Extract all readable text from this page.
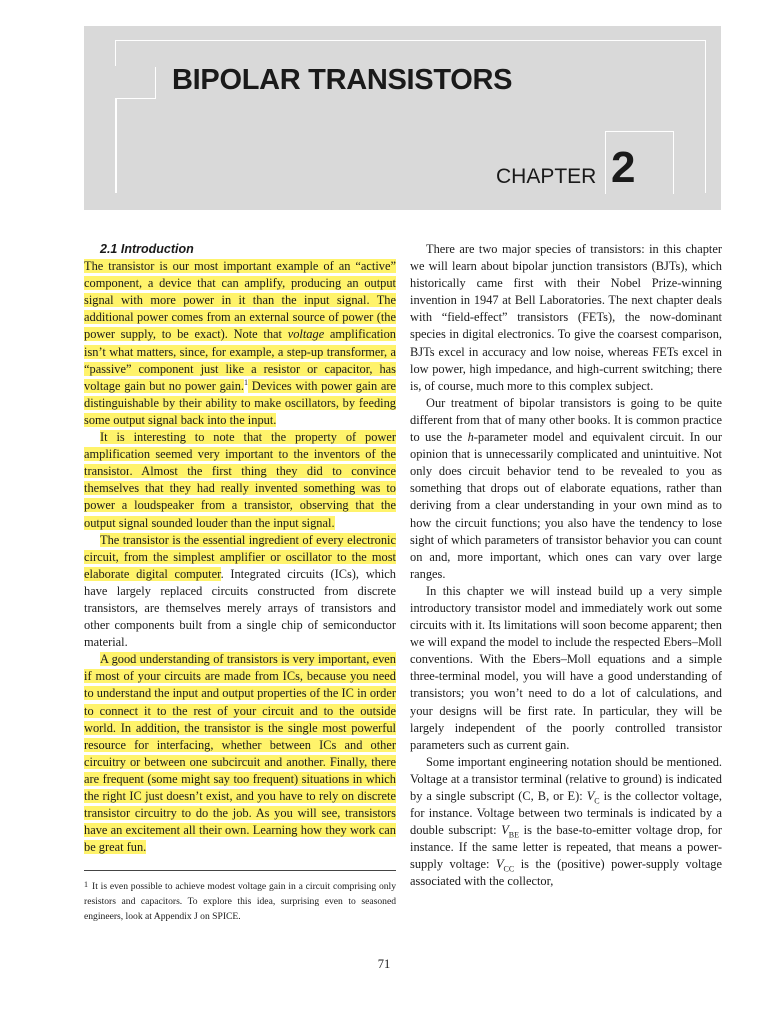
BIPOLAR TRANSISTORS
CHAPTER 2

2.1 Introduction

The transistor is our most important example of an “active” component, a device that can amplify, producing an output signal with more power in it than the input signal. The additional power comes from an external source of power (the power supply, to be exact). Note that voltage amplification isn’t what matters, since, for example, a step-up transformer, a “passive” component just like a resistor or capacitor, has voltage gain but no power gain.$^1$ Devices with power gain are distinguishable by their ability to make oscillators, by feeding some output signal back into the input.

It is interesting to note that the property of power amplification seemed very important to the inventors of the transistor. Almost the first thing they did to convince themselves that they had really invented something was to power a loudspeaker from a transistor, observing that the output signal sounded louder than the input signal.

The transistor is the essential ingredient of every electronic circuit, from the simplest amplifier or oscillator to the most elaborate digital computer. Integrated circuits (ICs), which have largely replaced circuits constructed from discrete transistors, are themselves merely arrays of transistors and other components built from a single chip of semiconductor material.

A good understanding of transistors is very important, even if most of your circuits are made from ICs, because you need to understand the input and output properties of the IC in order to connect it to the rest of your circuit and to the outside world. In addition, the transistor is the single most powerful resource for interfacing, whether between ICs and other circuitry or between one subcircuit and another. Finally, there are frequent (some might say too frequent) situations in which the right IC just doesn’t exist, and you have to rely on discrete transistor circuitry to do the job. As you will see, transistors have an excitement all their own. Learning how they work can be great fun.

$^1$ It is even possible to achieve modest voltage gain in a circuit comprising only resistors and capacitors. To explore this idea, surprising even to seasoned engineers, look at Appendix J on SPICE.

There are two major species of transistors: in this chapter we will learn about bipolar junction transistors (BJTs), which historically came first with their Nobel Prize-winning invention in 1947 at Bell Laboratories. The next chapter deals with “field-effect” transistors (FETs), the now-dominant species in digital electronics. To give the coarsest comparison, BJTs excel in accuracy and low noise, whereas FETs excel in low power, high impedance, and high-current switching; there is, of course, much more to this complex subject.

Our treatment of bipolar transistors is going to be quite different from that of many other books. It is common practice to use the h-parameter model and equivalent circuit. In our opinion that is unnecessarily complicated and unintuitive. Not only does circuit behavior tend to be revealed to you as something that drops out of elaborate equations, rather than deriving from a clear understanding in your own mind as to how the circuit functions; you also have the tendency to lose sight of which parameters of transistor behavior you can count on and, more important, which ones can vary over large ranges.

In this chapter we will instead build up a very simple introductory transistor model and immediately work out some circuits with it. Its limitations will soon become apparent; then we will expand the model to include the respected Ebers–Moll conventions. With the Ebers–Moll equations and a simple three-terminal model, you will have a good understanding of transistors; you won’t need to do a lot of calculations, and your designs will be first rate. In particular, they will be largely independent of the poorly controlled transistor parameters such as current gain.

Some important engineering notation should be mentioned. Voltage at a transistor terminal (relative to ground) is indicated by a single subscript (C, B, or E): $V_C$ is the collector voltage, for instance. Voltage between two terminals is indicated by a double subscript: $V_{BE}$ is the base-to-emitter voltage drop, for instance. If the same letter is repeated, that means a power-supply voltage: $V_{CC}$ is the (positive) power-supply voltage associated with the collector,

71
